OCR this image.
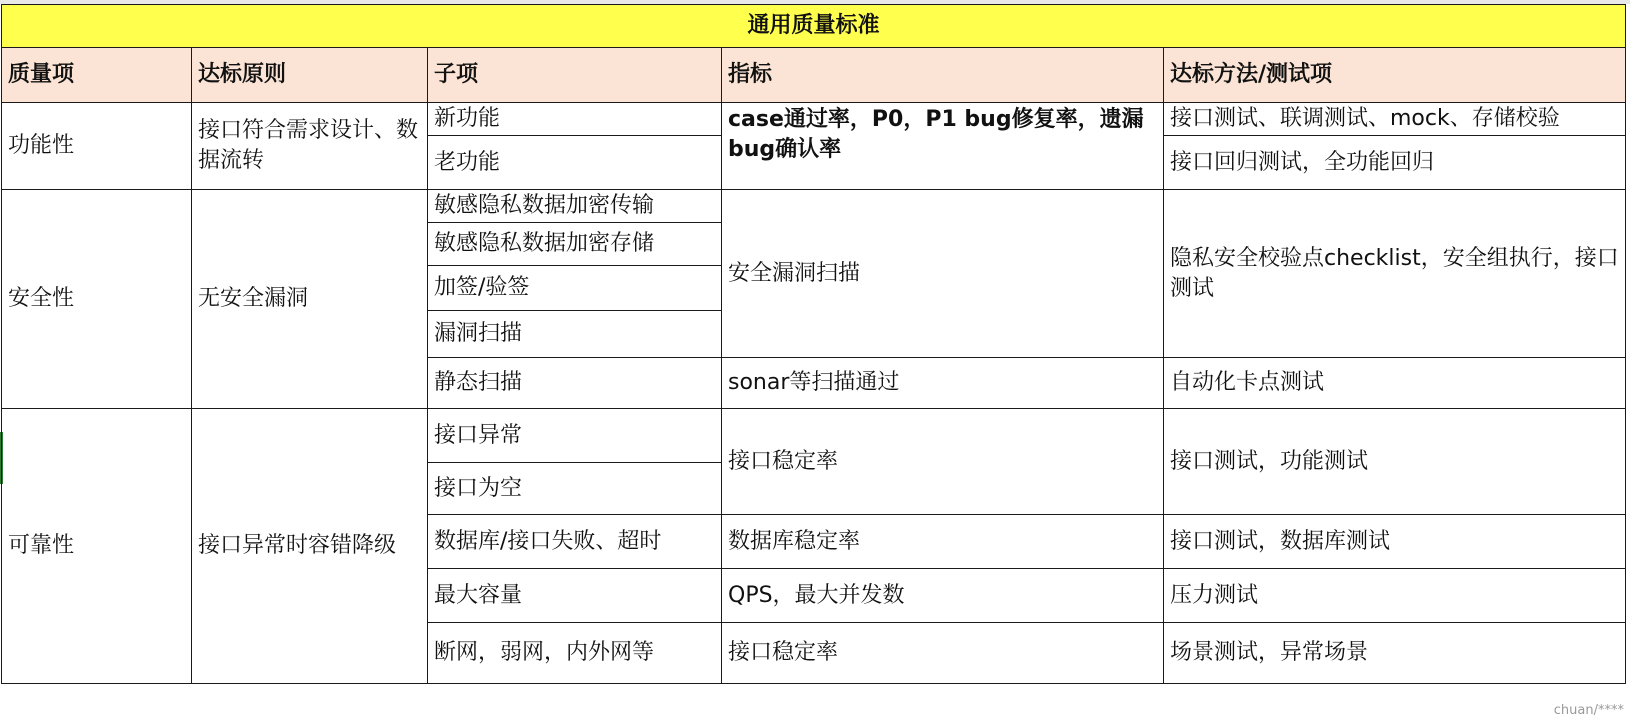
通用质量标准				
质量项	达标原则	子项	指标	达标方法/测试项
功能性	接口符合需求设计、数据流转	新功能	case通过率，P0，P1 bug修复率，遗漏bug确认率	接口测试、联调测试、mock、存储校验
		老功能		接口回归测试，全功能回归
安全性	无安全漏洞	敏感隐私数据加密传输	安全漏洞扫描	隐私安全校验点checklist，安全组执行，接口测试
		敏感隐私数据加密存储		
		加签/验签		
		漏洞扫描		
		静态扫描	sonar等扫描通过	自动化卡点测试
可靠性	接口异常时容错降级	接口异常	接口稳定率	接口测试，功能测试
		接口为空		
		数据库/接口失败、超时	数据库稳定率	接口测试，数据库测试
		最大容量	QPS，最大并发数	压力测试
		断网，弱网，内外网等	接口稳定率	场景测试，异常场景
chuan/****
